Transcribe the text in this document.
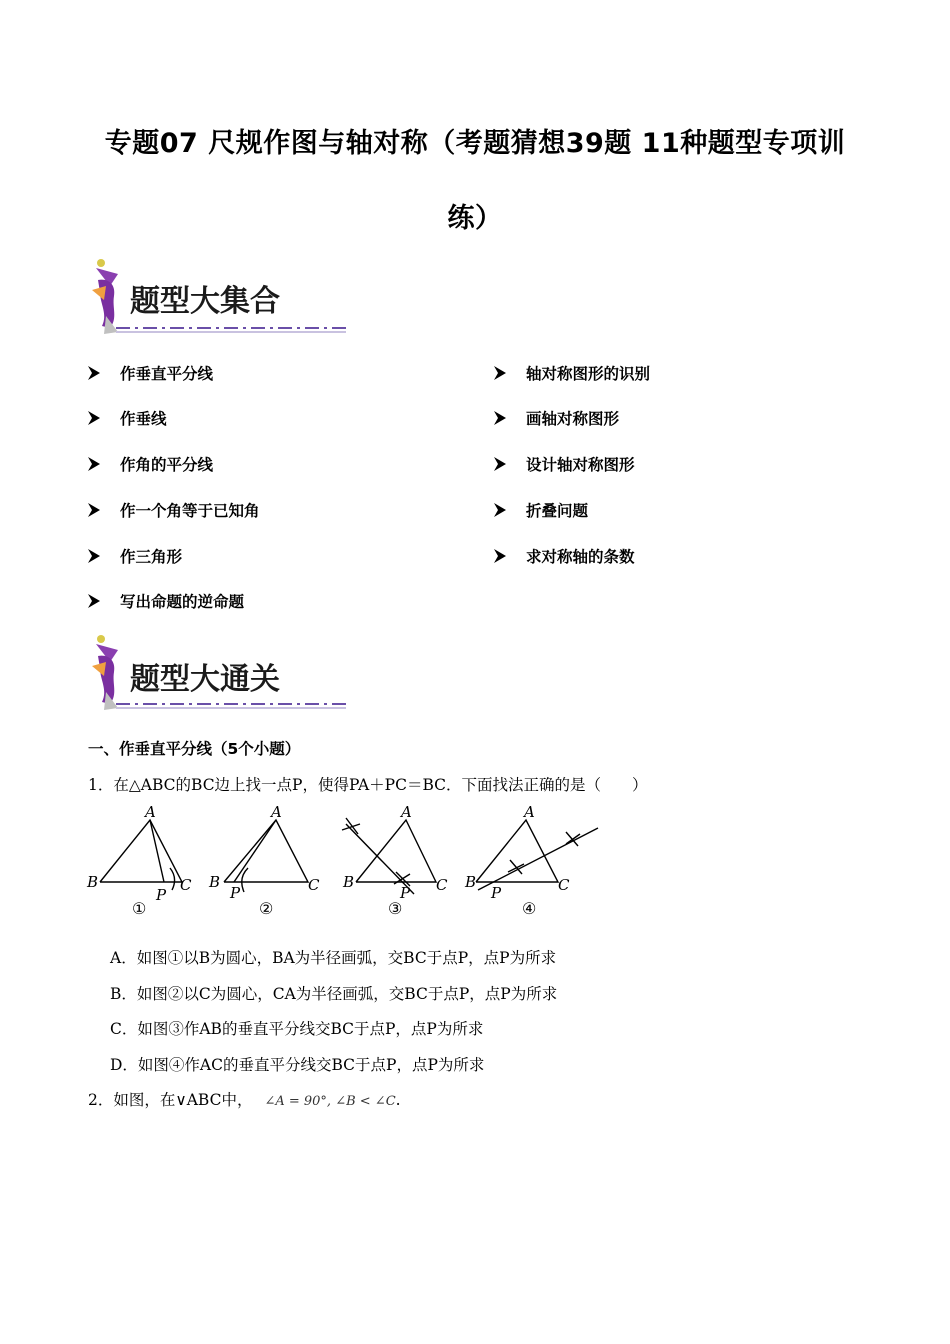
专题07 尺规作图与轴对称（考题猜想39题 11种题型专项训
练）
题型大集合
作垂直平分线
作垂线
作角的平分线
作一个角等于已知角
作三角形
写出命题的逆命题
轴对称图形的识别
画轴对称图形
设计轴对称图形
折叠问题
求对称轴的条数
题型大通关
一、作垂直平分线（5个小题）
1．在△ABC的BC边上找一点P，使得PA＋PC＝BC．下面找法正确的是（　　）
A
B	C
P
①
A
B	C
P
②
A
B	C
P
③
A
B	C
P
④
A．如图①以B为圆心，BA为半径画弧，交BC于点P，点P为所求
B．如图②以C为圆心，CA为半径画弧，交BC于点P，点P为所求
C．如图③作AB的垂直平分线交BC于点P，点P为所求
D．如图④作AC的垂直平分线交BC于点P，点P为所求
2．如图，在∨ABC中， ∠A = 90°, ∠B < ∠C.
